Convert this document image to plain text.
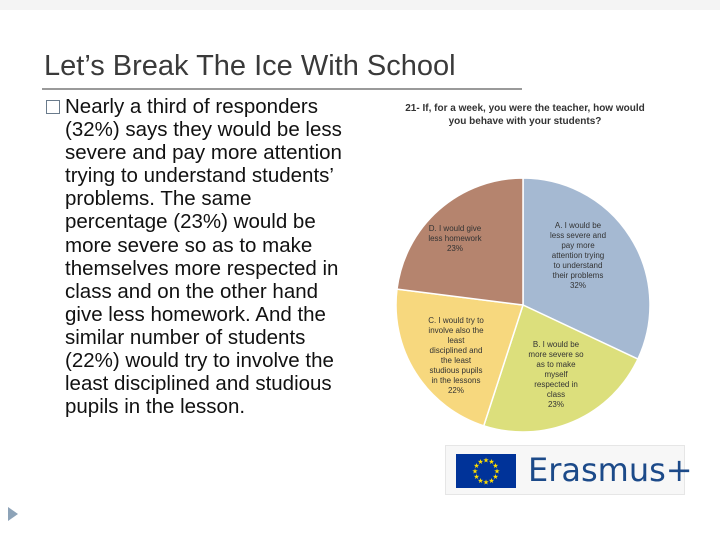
Let’s Break The Ice With School
Nearly a third of responders (32%) says they would be less severe and pay more attention trying to understand students’ problems. The same percentage (23%) would be more severe so as to make themselves more respected in class and on the other hand give less homework. And the similar number of students (22%) would try to involve the least disciplined and studious pupils in the lesson.
21- If, for a week, you were the teacher, how would you behave with your students?
A. I would be less severe and pay more attention trying to understand their problems 32%
B. I would be more severe so as to make myself respected in class 23%
C. I would try to involve also the least disciplined and the least studious pupils in the lessons 22%
D. I would give less homework 23%
★
★
★
★
★
★
★
★
★ ★ ★
★ Erasmus+
